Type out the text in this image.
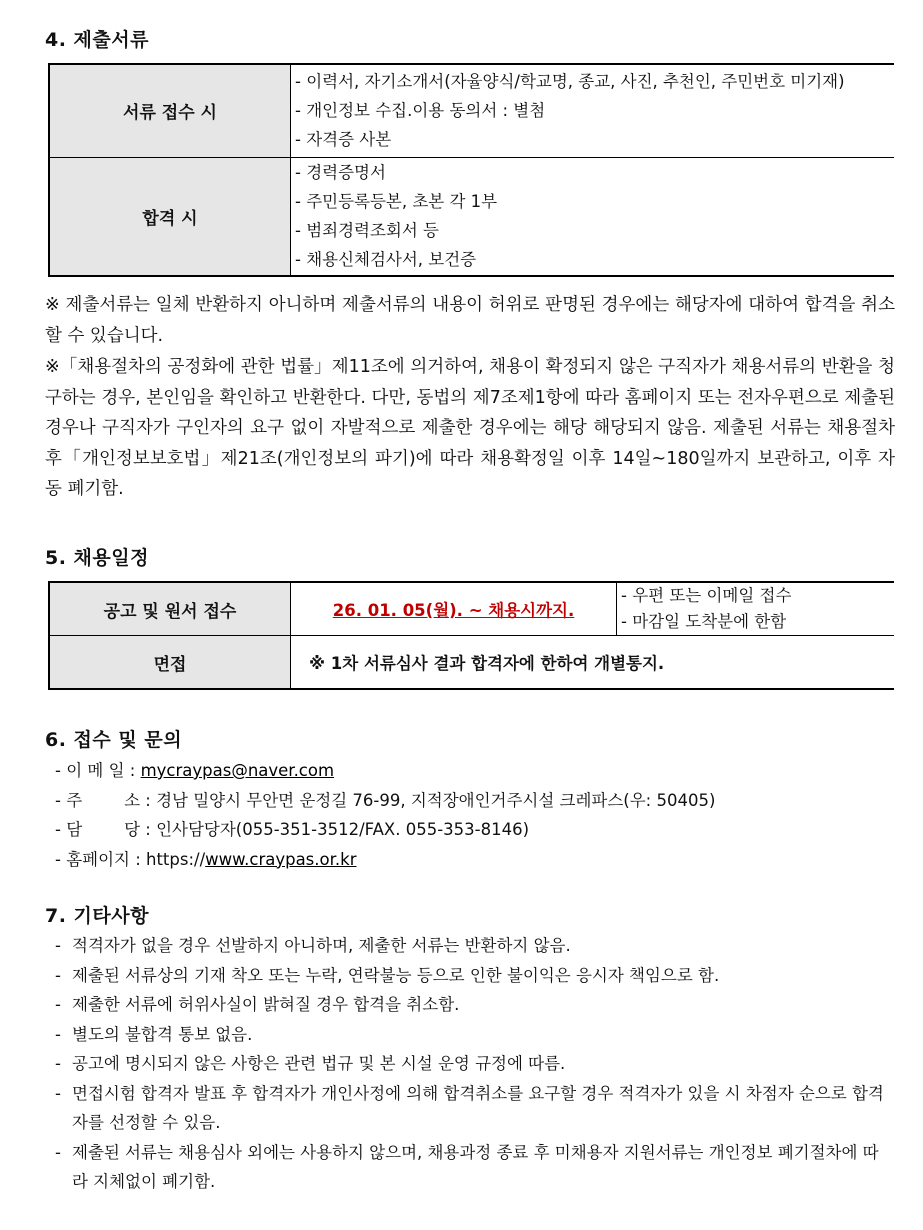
4. 제출서류
서류 접수 시	- 이력서, 자기소개서(자율양식/학교명, 종교, 사진, 추천인, 주민번호 미기재)
- 개인정보 수집.이용 동의서 : 별첨
- 자격증 사본

합격 시	- 경력증명서
- 주민등록등본, 초본 각 1부
- 범죄경력조회서 등
- 채용신체검사서, 보건증
※ 제출서류는 일체 반환하지 아니하며 제출서류의 내용이 허위로 판명된 경우에는 해당자에 대하여 합격을 취소할 수 있습니다.
※「채용절차의 공정화에 관한 법률」제11조에 의거하여, 채용이 확정되지 않은 구직자가 채용서류의 반환을 청구하는 경우, 본인임을 확인하고 반환한다. 다만, 동법의 제7조제1항에 따라 홈페이지 또는 전자우편으로 제출된 경우나 구직자가 구인자의 요구 없이 자발적으로 제출한 경우에는 해당 해당되지 않음. 제출된 서류는 채용절차 후「개인정보보호법」제21조(개인정보의 파기)에 따라 채용확정일 이후 14일~180일까지 보관하고, 이후 자동 폐기함.
5. 채용일정
공고 및 원서 접수	26. 01. 05(월). ~ 채용시까지.	- 우편 또는 이메일 접수
- 마감일 도착분에 한함

면접	※ 1차 서류심사 결과 합격자에 한하여 개별통지.	
6. 접수 및 문의
- 이 메 일 : mycraypas@naver.com
- 주        소 : 경남 밀양시 무안면 운정길 76-99, 지적장애인거주시설 크레파스(우: 50405)
- 담        당 : 인사담당자(055-351-3512/FAX. 055-353-8146)
- 홈페이지 : https://www.craypas.or.kr
7. 기타사항
- 적격자가 없을 경우 선발하지 아니하며, 제출한 서류는 반환하지 않음.
- 제출된 서류상의 기재 착오 또는 누락, 연락불능 등으로 인한 불이익은 응시자 책임으로 함.
- 제출한 서류에 허위사실이 밝혀질 경우 합격을 취소함.
- 별도의 불합격 통보 없음.
- 공고에 명시되지 않은 사항은 관련 법규 및 본 시설 운영 규정에 따름.
- 면접시험 합격자 발표 후 합격자가 개인사정에 의해 합격취소를 요구할 경우 적격자가 있을 시 차점자 순으로 합격자를 선정할 수 있음.
- 제출된 서류는 채용심사 외에는 사용하지 않으며, 채용과정 종료 후 미채용자 지원서류는 개인정보 폐기절차에 따라 지체없이 폐기함.
